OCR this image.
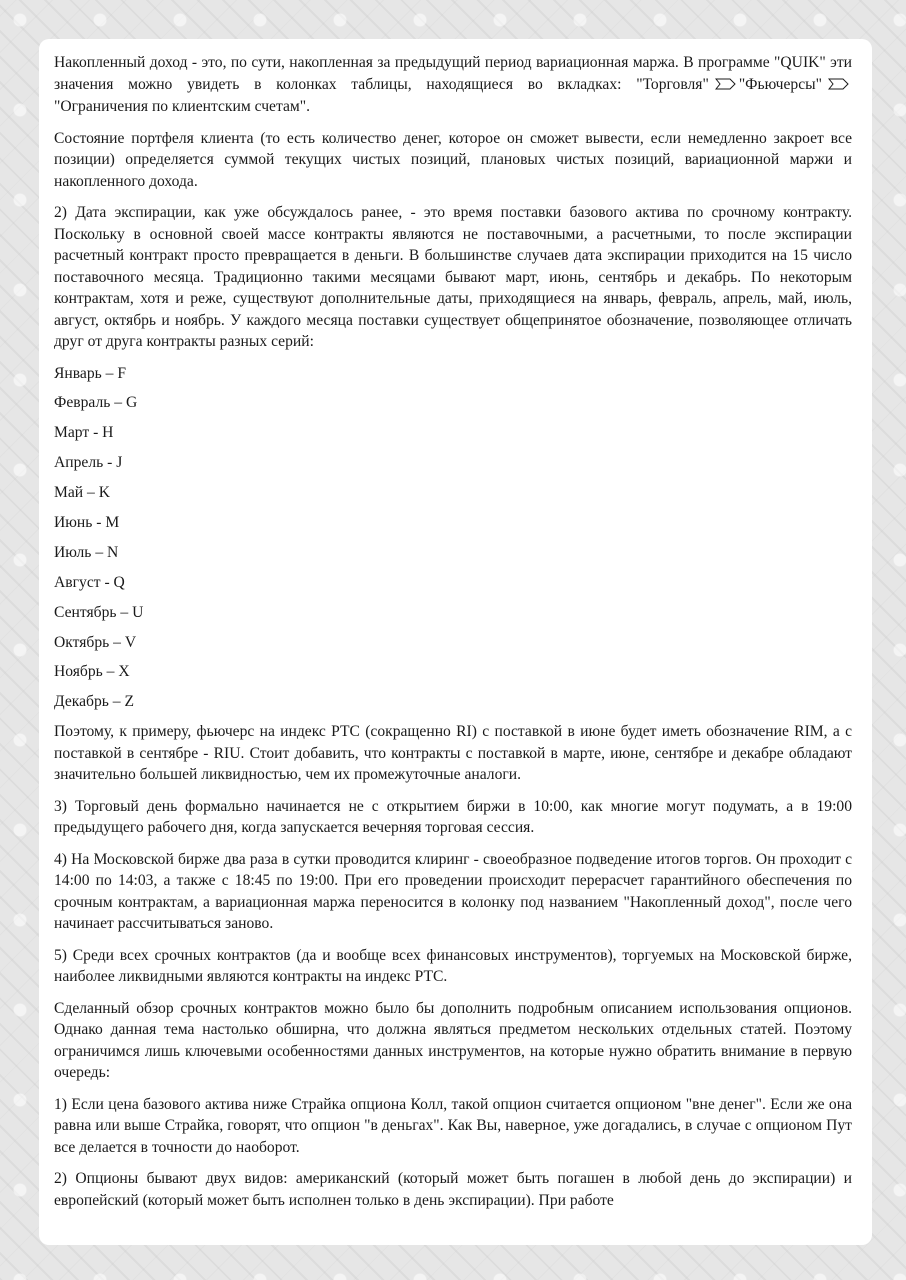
Накопленный доход - это, по сути, накопленная за предыдущий период вариационная маржа. В программе "QUIK" эти значения можно увидеть в колонках таблицы, находящиеся во вкладках: "Торговля" "Фьючерсы""Ограничения по клиентским счетам".

Состояние портфеля клиента (то есть количество денег, которое он сможет вывести, если немедленно закроет все позиции) определяется суммой текущих чистых позиций, плановых чистых позиций, вариационной маржи и накопленного дохода.

2) Дата экспирации, как уже обсуждалось ранее, - это время поставки базового актива по срочному контракту. Поскольку в основной своей массе контракты являются не поставочными, а расчетными, то после экспирации расчетный контракт просто превращается в деньги. В большинстве случаев дата экспирации приходится на 15 число поставочного месяца. Традиционно такими месяцами бывают март, июнь, сентябрь и декабрь. По некоторым контрактам, хотя и реже, существуют дополнительные даты, приходящиеся на январь, февраль, апрель, май, июль, август, октябрь и ноябрь. У каждого месяца поставки существует общепринятое обозначение, позволяющее отличать друг от друга контракты разных серий:

Январь – F
Февраль – G
Март - H
Апрель - J
Май – K
Июнь - M
Июль – N
Август - Q
Сентябрь – U
Октябрь – V
Ноябрь – X
Декабрь – Z

Поэтому, к примеру, фьючерс на индекс РТС (сокращенно RI) с поставкой в июне будет иметь обозначение RIM, а с поставкой в сентябре - RIU. Стоит добавить, что контракты с поставкой в марте, июне, сентябре и декабре обладают значительно большей ликвидностью, чем их промежуточные аналоги.

3) Торговый день формально начинается не с открытием биржи в 10:00, как многие могут подумать, а в 19:00 предыдущего рабочего дня, когда запускается вечерняя торговая сессия.

4) На Московской бирже два раза в сутки проводится клиринг - своеобразное подведение итогов торгов. Он проходит с 14:00 по 14:03, а также с 18:45 по 19:00. При его проведении происходит перерасчет гарантийного обеспечения по срочным контрактам, а вариационная маржа переносится в колонку под названием "Накопленный доход", после чего начинает рассчитываться заново.

5) Среди всех срочных контрактов (да и вообще всех финансовых инструментов), торгуемых на Московской бирже, наиболее ликвидными являются контракты на индекс РТС.

Сделанный обзор срочных контрактов можно было бы дополнить подробным описанием использования опционов. Однако данная тема настолько обширна, что должна являться предметом нескольких отдельных статей. Поэтому ограничимся лишь ключевыми особенностями данных инструментов, на которые нужно обратить внимание в первую очередь:

1) Если цена базового актива ниже Страйка опциона Колл, такой опцион считается опционом "вне денег". Если же она равна или выше Страйка, говорят, что опцион "в деньгах". Как Вы, наверное, уже догадались, в случае с опционом Пут все делается в точности до наоборот.

2) Опционы бывают двух видов: американский (который может быть погашен в любой день до экспирации) и европейский (который может быть исполнен только в день экспирации). При работе
